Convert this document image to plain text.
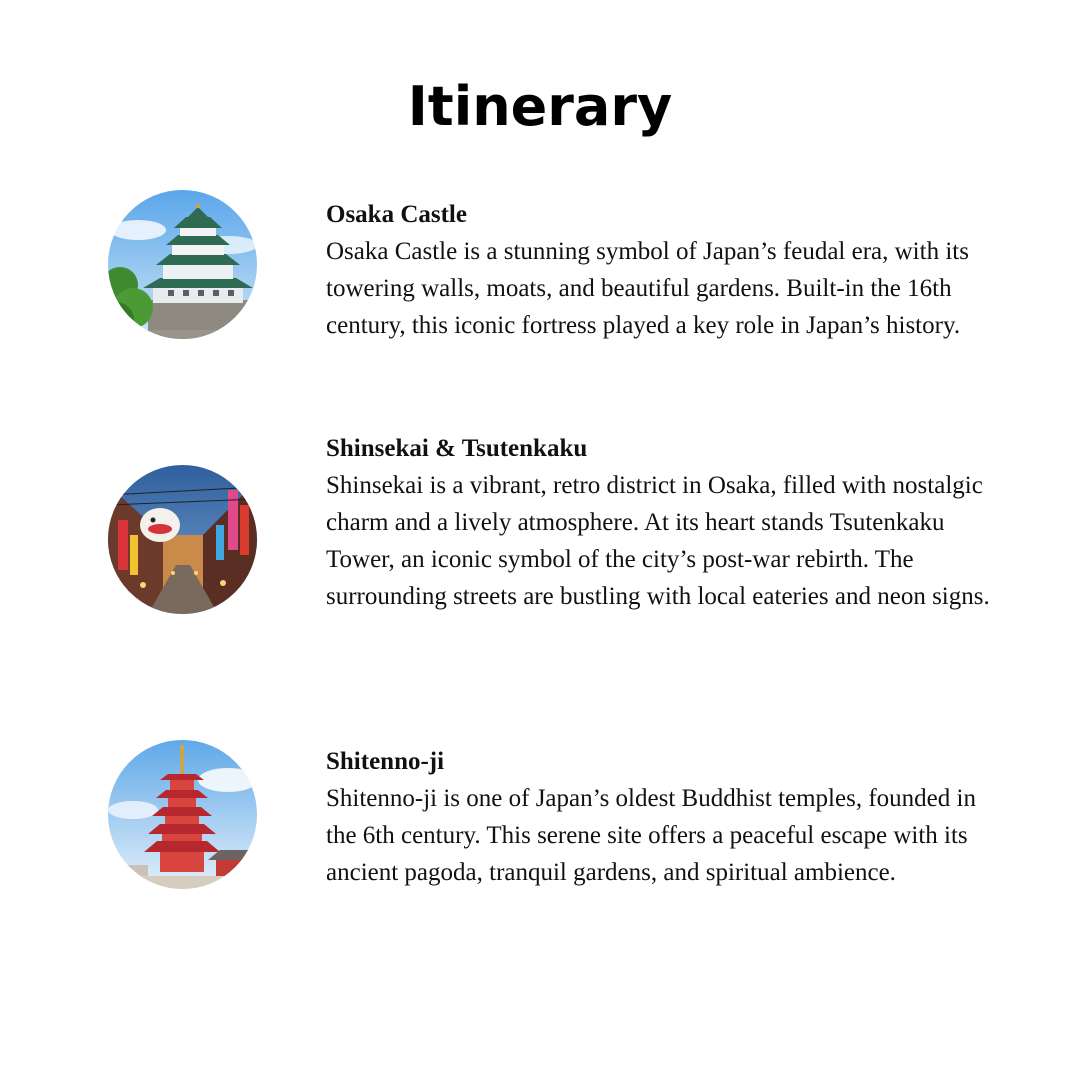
Itinerary
Osaka Castle
Osaka Castle is a stunning symbol of Japan’s feudal era, with its towering walls, moats, and beautiful gardens. Built-in the 16th century, this iconic fortress played a key role in Japan’s history.
Shinsekai & Tsutenkaku
Shinsekai is a vibrant, retro district in Osaka, filled with nostalgic charm and a lively atmosphere. At its heart stands Tsutenkaku Tower, an iconic symbol of the city’s post-war rebirth. The surrounding streets are bustling with local eateries and neon signs.
Shitenno-ji
Shitenno-ji is one of Japan’s oldest Buddhist temples, founded in the 6th century. This serene site offers a peaceful escape with its ancient pagoda, tranquil gardens, and spiritual ambience.
